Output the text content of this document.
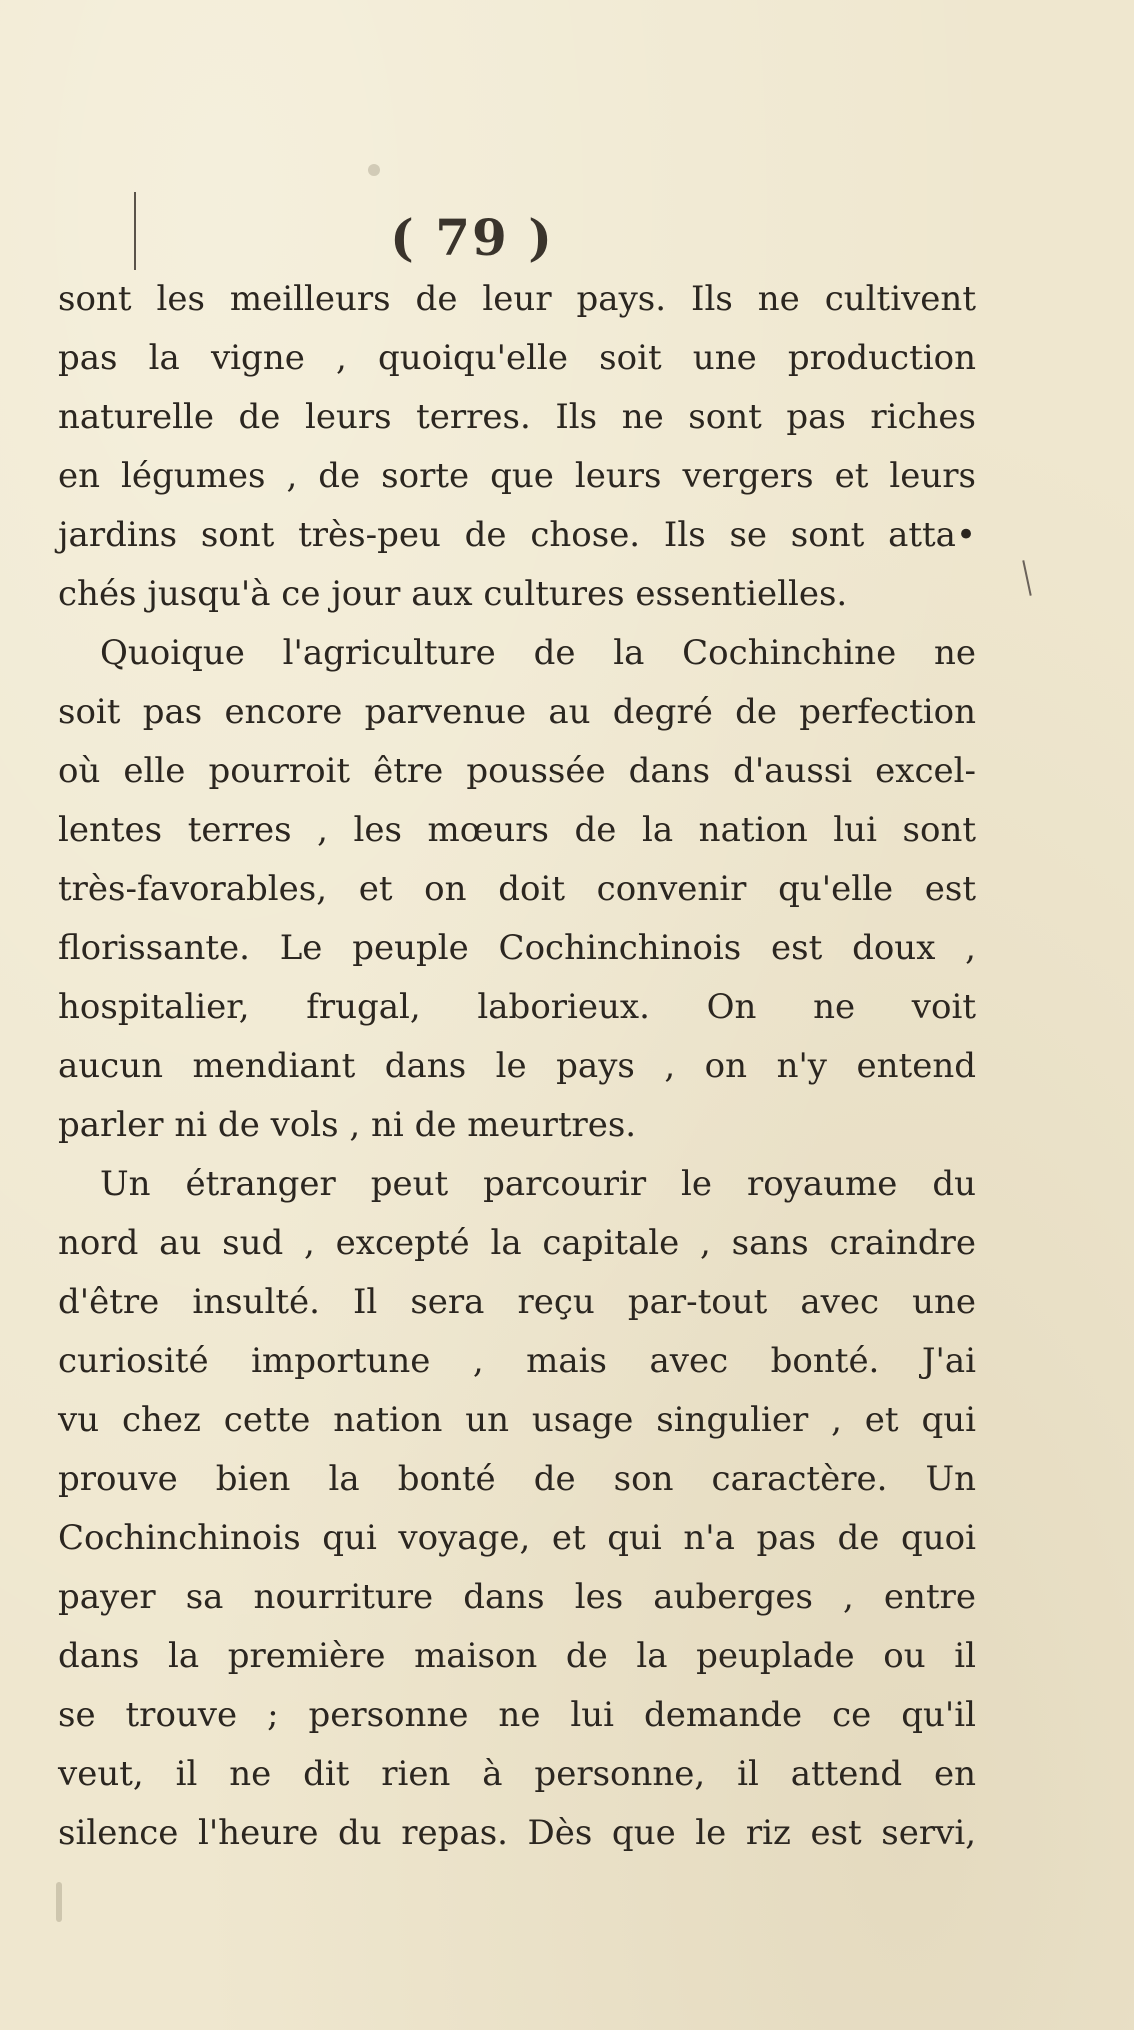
( 79 )

sont les meilleurs de leur pays. Ils ne cultivent

pas la vigne , quoiqu'elle soit une production

naturelle de leurs terres. Ils ne sont pas riches

en légumes , de sorte que leurs vergers et leurs

jardins sont très-peu de chose. Ils se sont atta•

chés jusqu'à ce jour aux cultures essentielles.

Quoique l'agriculture de la Cochinchine ne

soit pas encore parvenue au degré de perfection

où elle pourroit être poussée dans d'aussi excel-

lentes terres , les mœurs de la nation lui sont

très-favorables, et on doit convenir qu'elle est

florissante. Le peuple Cochinchinois est doux ,

hospitalier, frugal, laborieux. On ne voit

aucun mendiant dans le pays , on n'y entend

parler ni de vols , ni de meurtres.

Un étranger peut parcourir le royaume du

nord au sud , excepté la capitale , sans craindre

d'être insulté. Il sera reçu par-tout avec une

curiosité importune , mais avec bonté. J'ai

vu chez cette nation un usage singulier , et qui

prouve bien la bonté de son caractère. Un

Cochinchinois qui voyage, et qui n'a pas de quoi

payer sa nourriture dans les auberges , entre

dans la première maison de la peuplade ou il

se trouve ; personne ne lui demande ce qu'il

veut, il ne dit rien à personne, il attend en

silence l'heure du repas. Dès que le riz est servi,
